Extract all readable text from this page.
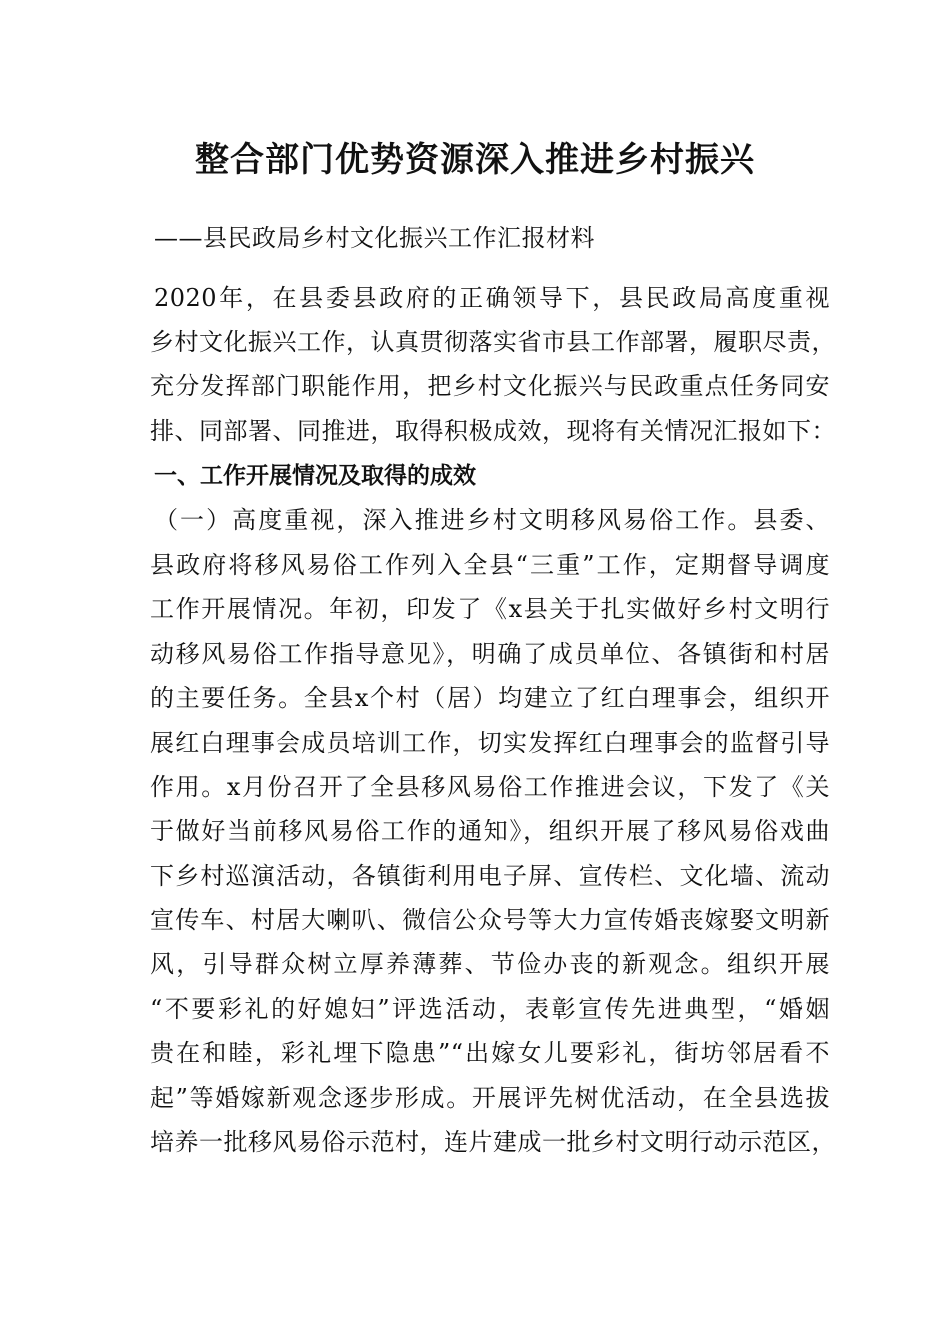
整合部门优势资源深入推进乡村振兴

——县民政局乡村文化振兴工作汇报材料

2020年，在县委县政府的正确领导下，县民政局高度重视

乡村文化振兴工作，认真贯彻落实省市县工作部署，履职尽责，

充分发挥部门职能作用，把乡村文化振兴与民政重点任务同安

排、同部署、同推进，取得积极成效，现将有关情况汇报如下：

一、工作开展情况及取得的成效

（一）高度重视，深入推进乡村文明移风易俗工作。县委、

县政府将移风易俗工作列入全县“三重”工作，定期督导调度

工作开展情况。年初，印发了《x县关于扎实做好乡村文明行

动移风易俗工作指导意见》，明确了成员单位、各镇街和村居

的主要任务。全县x个村（居）均建立了红白理事会，组织开

展红白理事会成员培训工作，切实发挥红白理事会的监督引导

作用。x月份召开了全县移风易俗工作推进会议，下发了《关

于做好当前移风易俗工作的通知》，组织开展了移风易俗戏曲

下乡村巡演活动，各镇街利用电子屏、宣传栏、文化墙、流动

宣传车、村居大喇叭、微信公众号等大力宣传婚丧嫁娶文明新

风，引导群众树立厚养薄葬、节俭办丧的新观念。组织开展

“不要彩礼的好媳妇”评选活动，表彰宣传先进典型，“婚姻

贵在和睦，彩礼埋下隐患”“出嫁女儿要彩礼，街坊邻居看不

起”等婚嫁新观念逐步形成。开展评先树优活动，在全县选拔

培养一批移风易俗示范村，连片建成一批乡村文明行动示范区，
